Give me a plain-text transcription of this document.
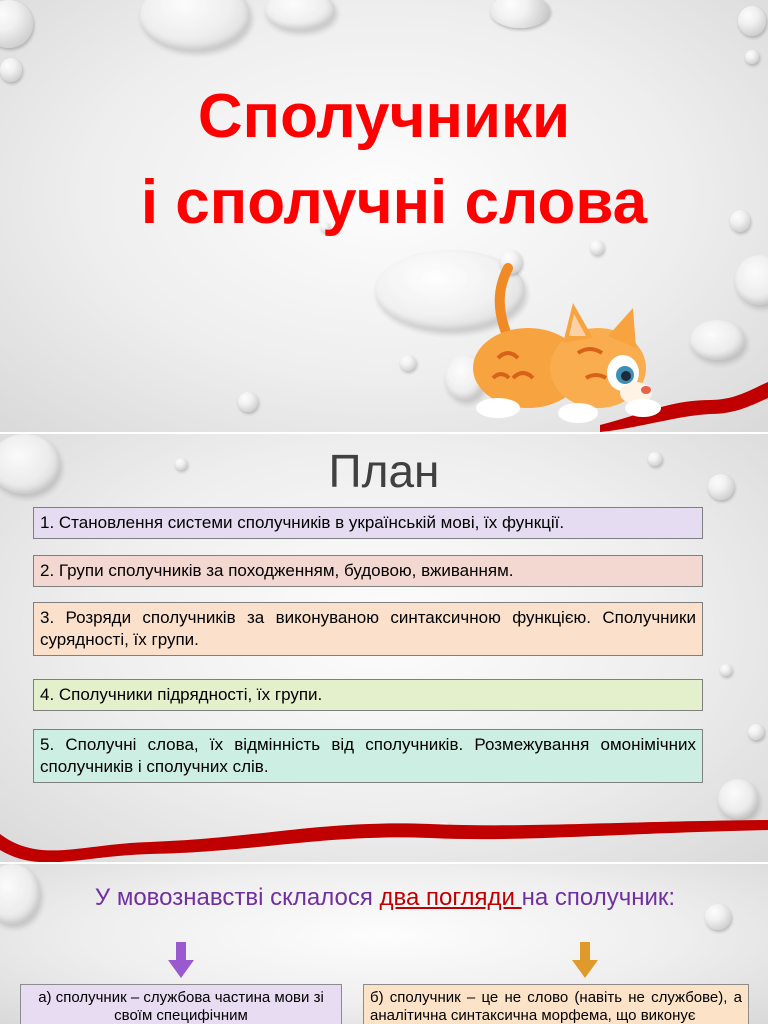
Сполучники
і сполучні слова
План
1. Становлення системи сполучників в українській мові, їх функції.
2. Групи сполучників за походженням, будовою, вживанням.
3. Розряди сполучників за виконуваною синтаксичною функцією. Сполучники сурядності, їх групи.
4. Сполучники підрядності, їх групи.
5. Сполучні слова, їх відмінність від сполучників. Розмежування омонімічних сполучників і сполучних слів.
У мовознавстві склалося два погляди на сполучник:
а) сполучник – службова частина мови зі своїм специфічним
б) сполучник – це не слово (навіть не службове), а аналітична синтаксична морфема, що виконує
